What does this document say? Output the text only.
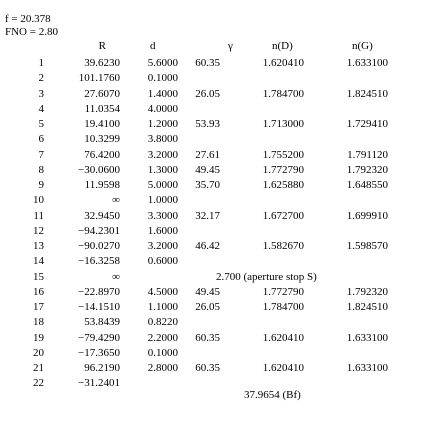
f = 20.378
FNO = 2.80
R	d	γ	n(D)	n(G)
1	39.6230	5.6000	60.35	1.620410	1.633100
2	101.1760	0.1000
3	27.6070	1.4000	26.05	1.784700	1.824510
4	11.0354	4.0000
5	19.4100	1.2000	53.93	1.713000	1.729410
6	10.3299	3.8000
7	76.4200	3.2000	27.61	1.755200	1.791120
8	−30.0600	1.3000	49.45	1.772790	1.792320
9	11.9598	5.0000	35.70	1.625880	1.648550
10	∞	1.0000
11	32.9450	3.3000	32.17	1.672700	1.699910
12	−94.2301	1.6000
13	−90.0270	3.2000	46.42	1.582670	1.598570
14	−16.3258	0.6000
15	∞
16	−22.8970	4.5000	49.45	1.772790	1.792320
17	−14.1510	1.1000	26.05	1.784700	1.824510
18	53.8439	0.8220
19	−79.4290	2.2000	60.35	1.620410	1.633100
20	−17.3650	0.1000
21	96.2190	2.8000	60.35	1.620410	1.633100
22	−31.2401
2.700 (aperture stop S)
37.9654 (Bf)
